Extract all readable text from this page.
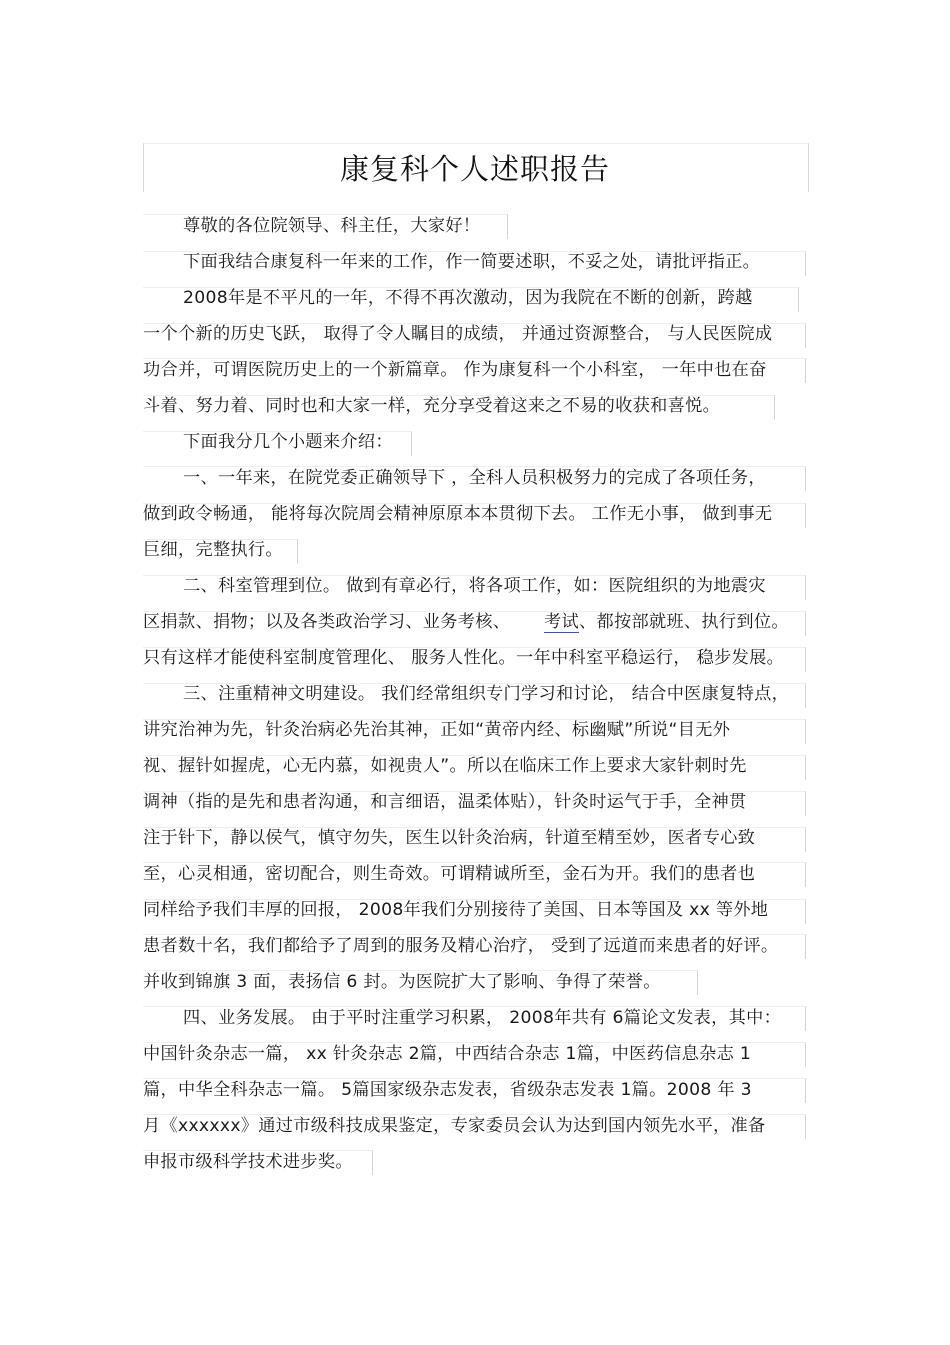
康复科个人述职报告
尊敬的各位院领导、科主任，大家好！
下面我结合康复科一年来的工作，作一简要述职，不妥之处，请批评指正。
2008年是不平凡的一年，不得不再次激动，因为我院在不断的创新，跨越
一个个新的历史飞跃， 取得了令人瞩目的成绩， 并通过资源整合， 与人民医院成
功合并，可谓医院历史上的一个新篇章。 作为康复科一个小科室， 一年中也在奋
斗着、努力着、同时也和大家一样，充分享受着这来之不易的收获和喜悦。
下面我分几个小题来介绍：
一、一年来，在院党委正确领导下 ，全科人员积极努力的完成了各项任务，
做到政令畅通， 能将每次院周会精神原原本本贯彻下去。 工作无小事， 做到事无
巨细，完整执行。
二、科室管理到位。 做到有章必行，将各项工作，如：医院组织的为地震灾
区捐款、捐物；以及各类政治学习、业务考核、 考试、都按部就班、执行到位。
只有这样才能使科室制度管理化、 服务人性化。一年中科室平稳运行， 稳步发展。
三、注重精神文明建设。 我们经常组织专门学习和讨论， 结合中医康复特点，
讲究治神为先，针灸治病必先治其神，正如“黄帝内经、标幽赋”所说“目无外
视、握针如握虎，心无内慕，如视贵人”。所以在临床工作上要求大家针刺时先
调神（指的是先和患者沟通，和言细语，温柔体贴），针灸时运气于手，全神贯
注于针下，静以侯气，慎守勿失，医生以针灸治病，针道至精至妙，医者专心致
至，心灵相通，密切配合，则生奇效。可谓精诚所至，金石为开。我们的患者也
同样给予我们丰厚的回报， 2008年我们分别接待了美国、日本等国及 xx 等外地
患者数十名，我们都给予了周到的服务及精心治疗， 受到了远道而来患者的好评。
并收到锦旗 3 面，表扬信 6 封。为医院扩大了影响、争得了荣誉。
四、业务发展。 由于平时注重学习积累， 2008年共有 6篇论文发表，其中：
中国针灸杂志一篇， xx 针灸杂志 2篇，中西结合杂志 1篇，中医药信息杂志 1
篇，中华全科杂志一篇。 5篇国家级杂志发表，省级杂志发表 1篇。2008 年 3
月《xxxxxx》通过市级科技成果鉴定，专家委员会认为达到国内领先水平，准备
申报市级科学技术进步奖。
